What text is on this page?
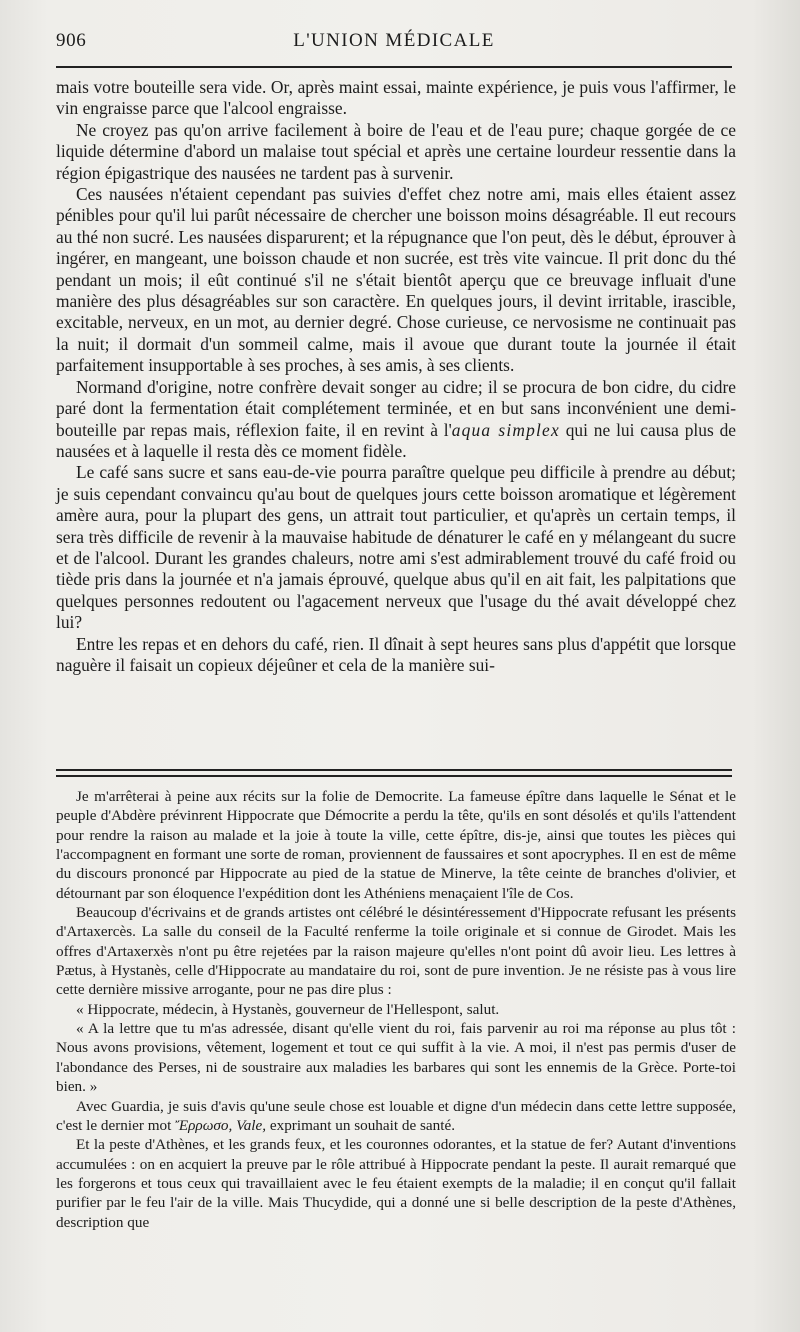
906	L'UNION MÉDICALE

mais votre bouteille sera vide. Or, après maint essai, mainte expérience, je puis vous l'affirmer, le vin engraisse parce que l'alcool engraisse.

Ne croyez pas qu'on arrive facilement à boire de l'eau et de l'eau pure; chaque gorgée de ce liquide détermine d'abord un malaise tout spécial et après une certaine lourdeur ressentie dans la région épigastrique des nausées ne tardent pas à survenir.

Ces nausées n'étaient cependant pas suivies d'effet chez notre ami, mais elles étaient assez pénibles pour qu'il lui parût nécessaire de chercher une boisson moins désagréable. Il eut recours au thé non sucré. Les nausées disparurent; et la répugnance que l'on peut, dès le début, éprouver à ingérer, en mangeant, une boisson chaude et non sucrée, est très vite vaincue. Il prit donc du thé pendant un mois; il eût continué s'il ne s'était bientôt aperçu que ce breuvage influait d'une manière des plus désagréables sur son caractère. En quelques jours, il devint irritable, irascible, excitable, nerveux, en un mot, au dernier degré. Chose curieuse, ce nervosisme ne continuait pas la nuit; il dormait d'un sommeil calme, mais il avoue que durant toute la journée il était parfaitement insupportable à ses proches, à ses amis, à ses clients.

Normand d'origine, notre confrère devait songer au cidre; il se procura de bon cidre, du cidre paré dont la fermentation était complétement terminée, et en but sans inconvénient une demi-bouteille par repas mais, réflexion faite, il en revint à l'aqua simplex qui ne lui causa plus de nausées et à laquelle il resta dès ce moment fidèle.

Le café sans sucre et sans eau-de-vie pourra paraître quelque peu difficile à prendre au début; je suis cependant convaincu qu'au bout de quelques jours cette boisson aromatique et légèrement amère aura, pour la plupart des gens, un attrait tout particulier, et qu'après un certain temps, il sera très difficile de revenir à la mauvaise habitude de dénaturer le café en y mélangeant du sucre et de l'alcool. Durant les grandes chaleurs, notre ami s'est admirablement trouvé du café froid ou tiède pris dans la journée et n'a jamais éprouvé, quelque abus qu'il en ait fait, les palpitations que quelques personnes redoutent ou l'agacement nerveux que l'usage du thé avait développé chez lui?

Entre les repas et en dehors du café, rien. Il dînait à sept heures sans plus d'appétit que lorsque naguère il faisait un copieux déjeûner et cela de la manière sui-

Je m'arrêterai à peine aux récits sur la folie de Democrite. La fameuse épître dans laquelle le Sénat et le peuple d'Abdère prévinrent Hippocrate que Démocrite a perdu la tête, qu'ils en sont désolés et qu'ils l'attendent pour rendre la raison au malade et la joie à toute la ville, cette épître, dis-je, ainsi que toutes les pièces qui l'accompagnent en formant une sorte de roman, proviennent de faussaires et sont apocryphes. Il en est de même du discours prononcé par Hippocrate au pied de la statue de Minerve, la tête ceinte de branches d'olivier, et détournant par son éloquence l'expédition dont les Athéniens menaçaient l'île de Cos.

Beaucoup d'écrivains et de grands artistes ont célébré le désintéressement d'Hippocrate refusant les présents d'Artaxercès. La salle du conseil de la Faculté renferme la toile originale et si connue de Girodet. Mais les offres d'Artaxerxès n'ont pu être rejetées par la raison majeure qu'elles n'ont point dû avoir lieu. Les lettres à Pætus, à Hystanès, celle d'Hippocrate au mandataire du roi, sont de pure invention. Je ne résiste pas à vous lire cette dernière missive arrogante, pour ne pas dire plus :

« Hippocrate, médecin, à Hystanès, gouverneur de l'Hellespont, salut.

« A la lettre que tu m'as adressée, disant qu'elle vient du roi, fais parvenir au roi ma réponse au plus tôt : Nous avons provisions, vêtement, logement et tout ce qui suffit à la vie. A moi, il n'est pas permis d'user de l'abondance des Perses, ni de soustraire aux maladies les barbares qui sont les ennemis de la Grèce. Porte-toi bien. »

Avec Guardia, je suis d'avis qu'une seule chose est louable et digne d'un médecin dans cette lettre supposée, c'est le dernier mot Ἔρρωσο, Vale, exprimant un souhait de santé.

Et la peste d'Athènes, et les grands feux, et les couronnes odorantes, et la statue de fer? Autant d'inventions accumulées : on en acquiert la preuve par le rôle attribué à Hippocrate pendant la peste. Il aurait remarqué que les forgerons et tous ceux qui travaillaient avec le feu étaient exempts de la maladie; il en conçut qu'il fallait purifier par le feu l'air de la ville. Mais Thucydide, qui a donné une si belle description de la peste d'Athènes, description que
